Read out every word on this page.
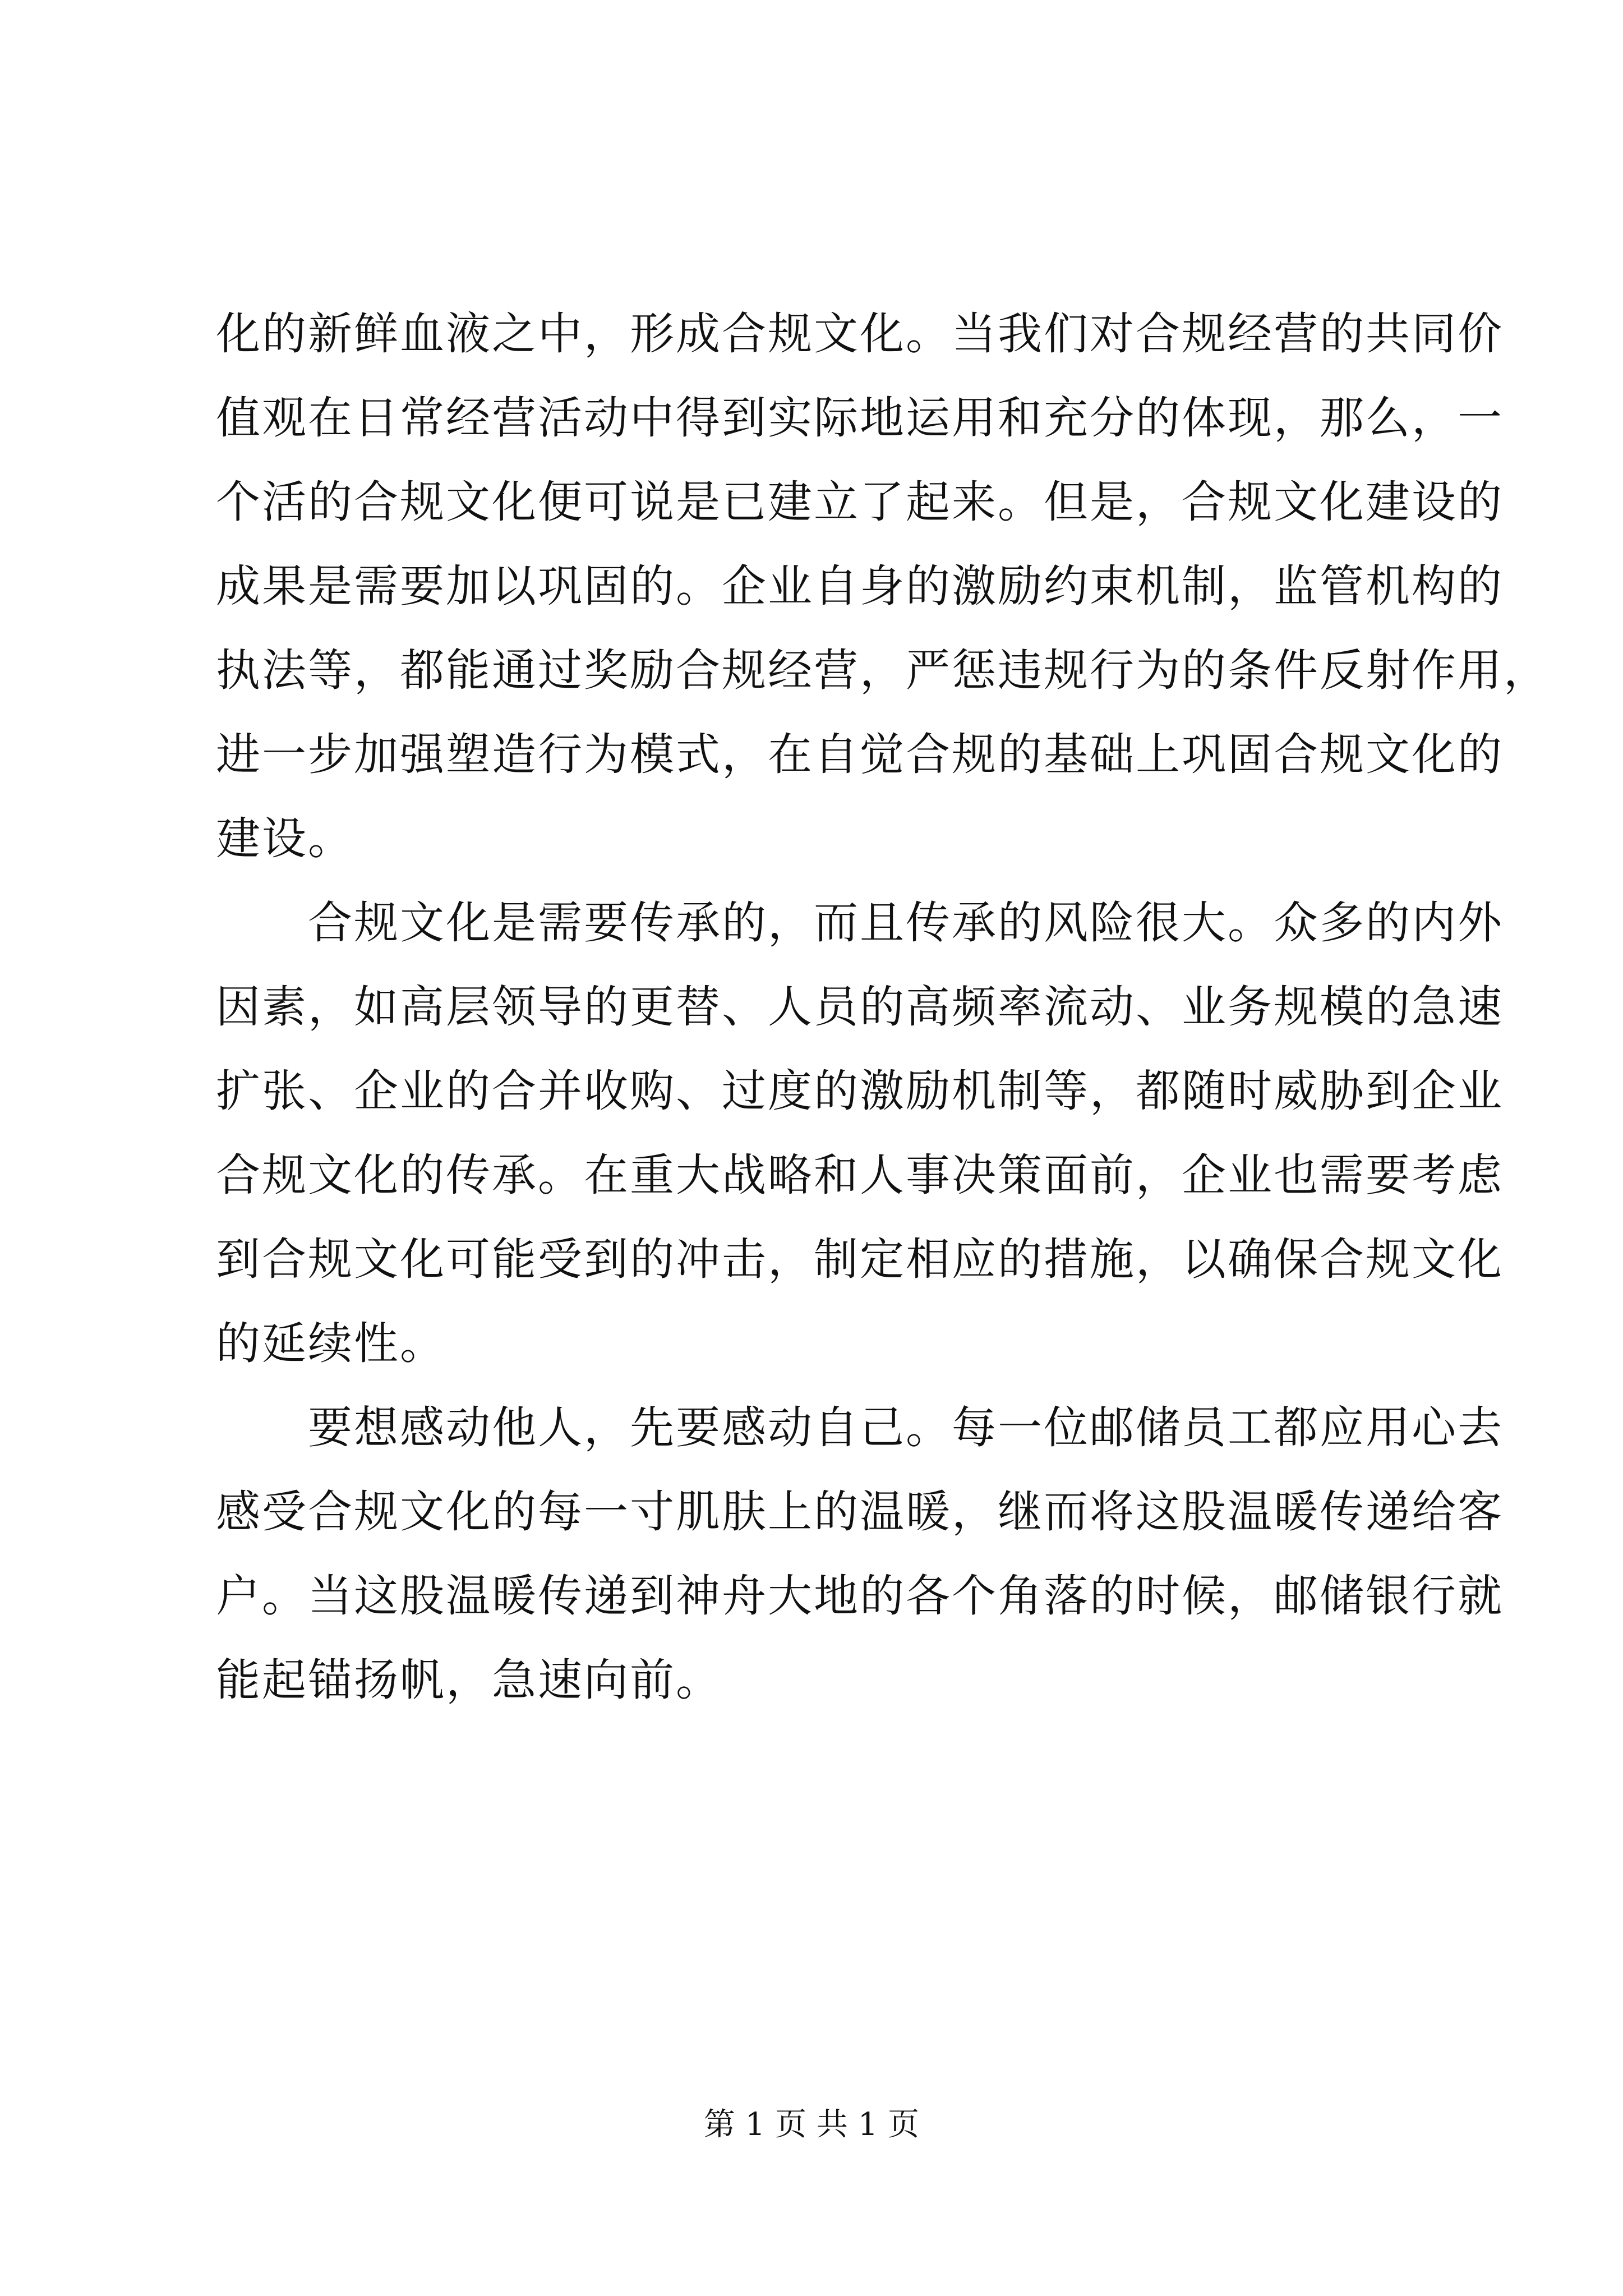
化的新鲜血液之中，形成合规文化。当我们对合规经营的共同价
值观在日常经营活动中得到实际地运用和充分的体现，那么，一
个活的合规文化便可说是已建立了起来。但是，合规文化建设的
成果是需要加以巩固的。企业自身的激励约束机制，监管机构的
执法等，都能通过奖励合规经营，严惩违规行为的条件反射作用，
进一步加强塑造行为模式，在自觉合规的基础上巩固合规文化的
建设。
　　合规文化是需要传承的，而且传承的风险很大。众多的内外
因素，如高层领导的更替、人员的高频率流动、业务规模的急速
扩张、企业的合并收购、过度的激励机制等，都随时威胁到企业
合规文化的传承。在重大战略和人事决策面前，企业也需要考虑
到合规文化可能受到的冲击，制定相应的措施，以确保合规文化
的延续性。
　　要想感动他人，先要感动自己。每一位邮储员工都应用心去
感受合规文化的每一寸肌肤上的温暖，继而将这股温暖传递给客
户。当这股温暖传递到神舟大地的各个角落的时候，邮储银行就
能起锚扬帆，急速向前。
第 1 页 共 1 页
